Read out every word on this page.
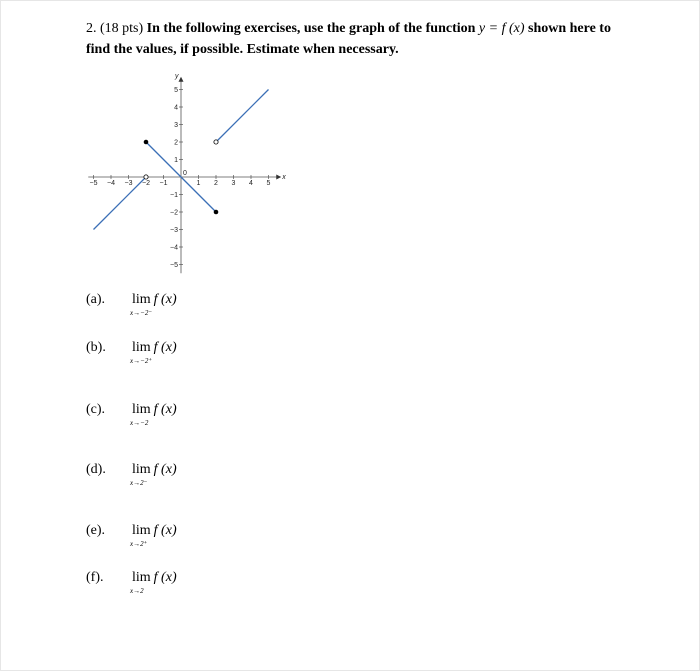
2. (18 pts) In the following exercises, use the graph of the function y = f (x) shown here to
find the values, if possible. Estimate when necessary.
x
y
−5 −4 −3 −2 −1	1 2 3 4 5
5
4
3
2
1
−1
−2
−3
−4
−5
0
(a). lim f (x)
x→−2⁻
(b). lim f (x)
x→−2⁺
(c). lim f (x)
x→−2
(d). lim f (x)
x→2⁻
(e). lim f (x)
x→2⁺
(f). lim f (x)
x→2
